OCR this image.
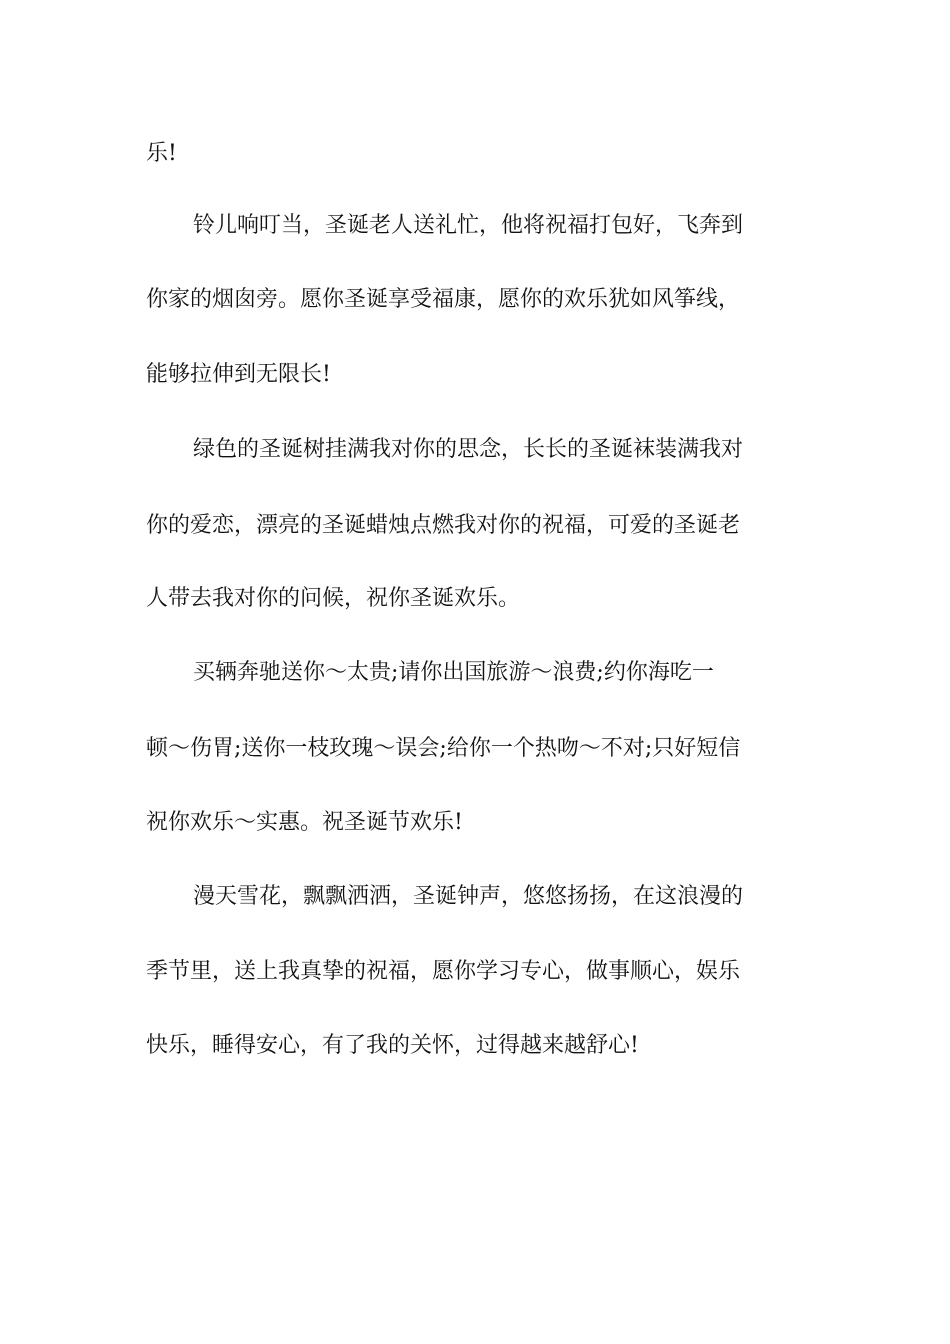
乐!

铃儿响叮当，圣诞老人送礼忙，他将祝福打包好，飞奔到

你家的烟囱旁。愿你圣诞享受福康，愿你的欢乐犹如风筝线，

能够拉伸到无限长!

绿色的圣诞树挂满我对你的思念，长长的圣诞袜装满我对

你的爱恋，漂亮的圣诞蜡烛点燃我对你的祝福，可爱的圣诞老

人带去我对你的问候，祝你圣诞欢乐。

买辆奔驰送你～太贵;请你出国旅游～浪费;约你海吃一

顿～伤胃;送你一枝玫瑰～误会;给你一个热吻～不对;只好短信

祝你欢乐～实惠。祝圣诞节欢乐!

漫天雪花，飘飘洒洒，圣诞钟声，悠悠扬扬，在这浪漫的

季节里，送上我真挚的祝福，愿你学习专心，做事顺心，娱乐

快乐，睡得安心，有了我的关怀，过得越来越舒心!
